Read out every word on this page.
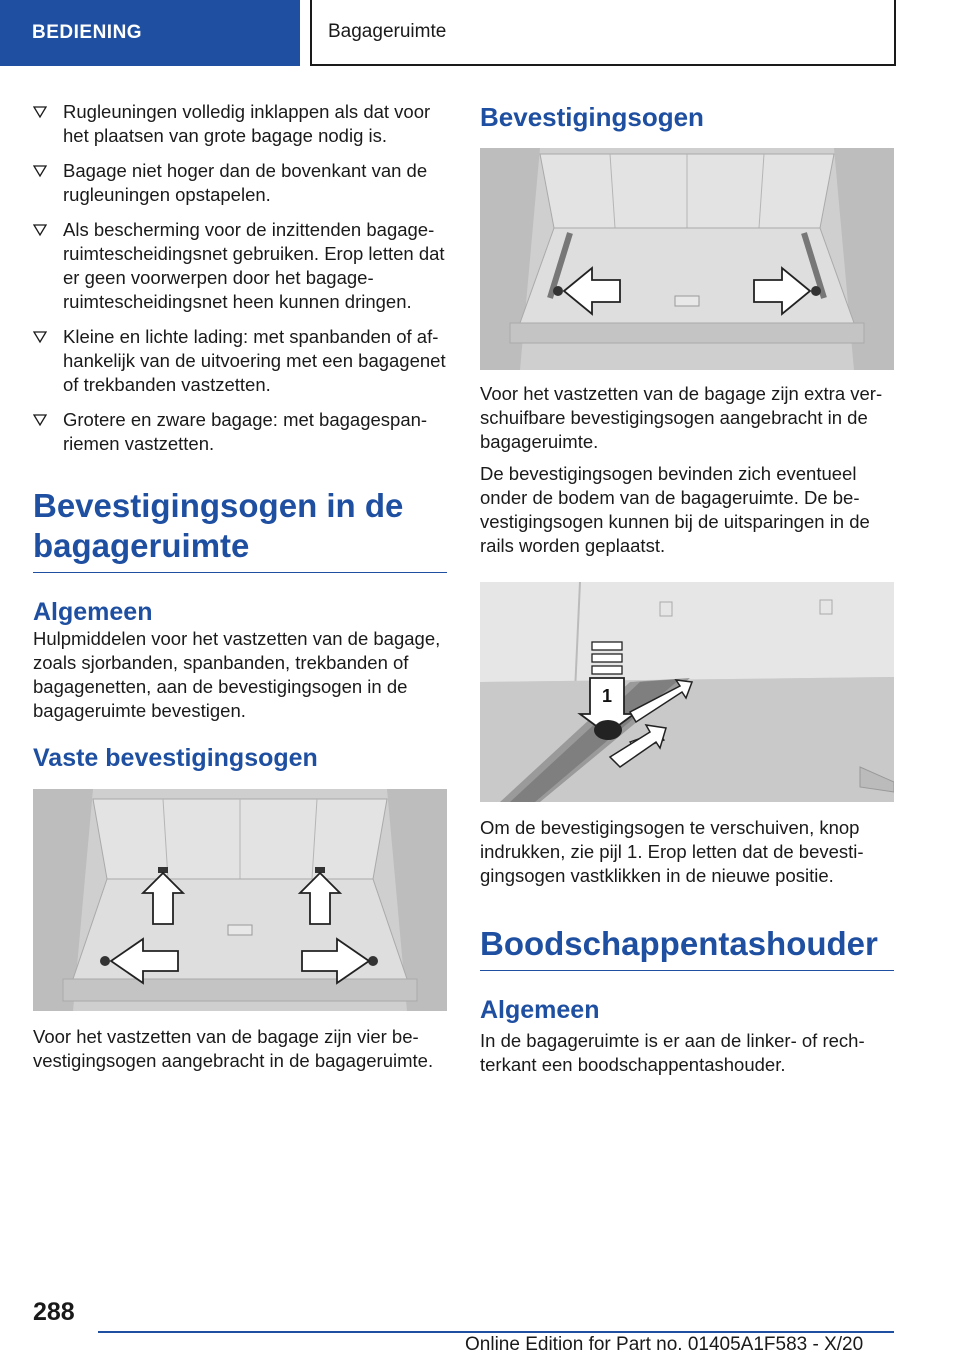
BEDIENING	Bagageruimte
Rugleuningen volledig inklappen als dat voor het plaatsen van grote bagage nodig is.
Bagage niet hoger dan de bovenkant van de rugleuningen opstapelen.
Als bescherming voor de inzittenden bagageruimtescheidingsnet gebruiken. Erop letten dat er geen voorwerpen door het bagageruimtescheidingsnet heen kunnen dringen.
Kleine en lichte lading: met spanbanden of afhankelijk van de uitvoering met een bagagenet of trekbanden vastzetten.
Grotere en zware bagage: met bagagespanriemen vastzetten.
Bevestigingsogen in de bagageruimte
Algemeen

Hulpmiddelen voor het vastzetten van de bagage, zoals sjorbanden, spanbanden, trekbanden of bagagenetten, aan de bevestigingsogen in de bagageruimte bevestigen.

Vaste bevestigingsogen

Voor het vastzetten van de bagage zijn vier bevestigingsogen aangebracht in de bagageruimte.

Bevestigingsogen

Voor het vastzetten van de bagage zijn extra verschuifbare bevestigingsogen aangebracht in de bagageruimte.

De bevestigingsogen bevinden zich eventueel onder de bodem van de bagageruimte. De bevestigingsogen kunnen bij de uitsparingen in de rails worden geplaatst.

1

Om de bevestigingsogen te verschuiven, knop indrukken, zie pijl 1. Erop letten dat de bevestigingsogen vastklikken in de nieuwe positie.

Boodschappentashouder
Algemeen

In de bagageruimte is er aan de linker- of rechterkant een boodschappentashouder.

288
Online Edition for Part no. 01405A1F583 - X/20
